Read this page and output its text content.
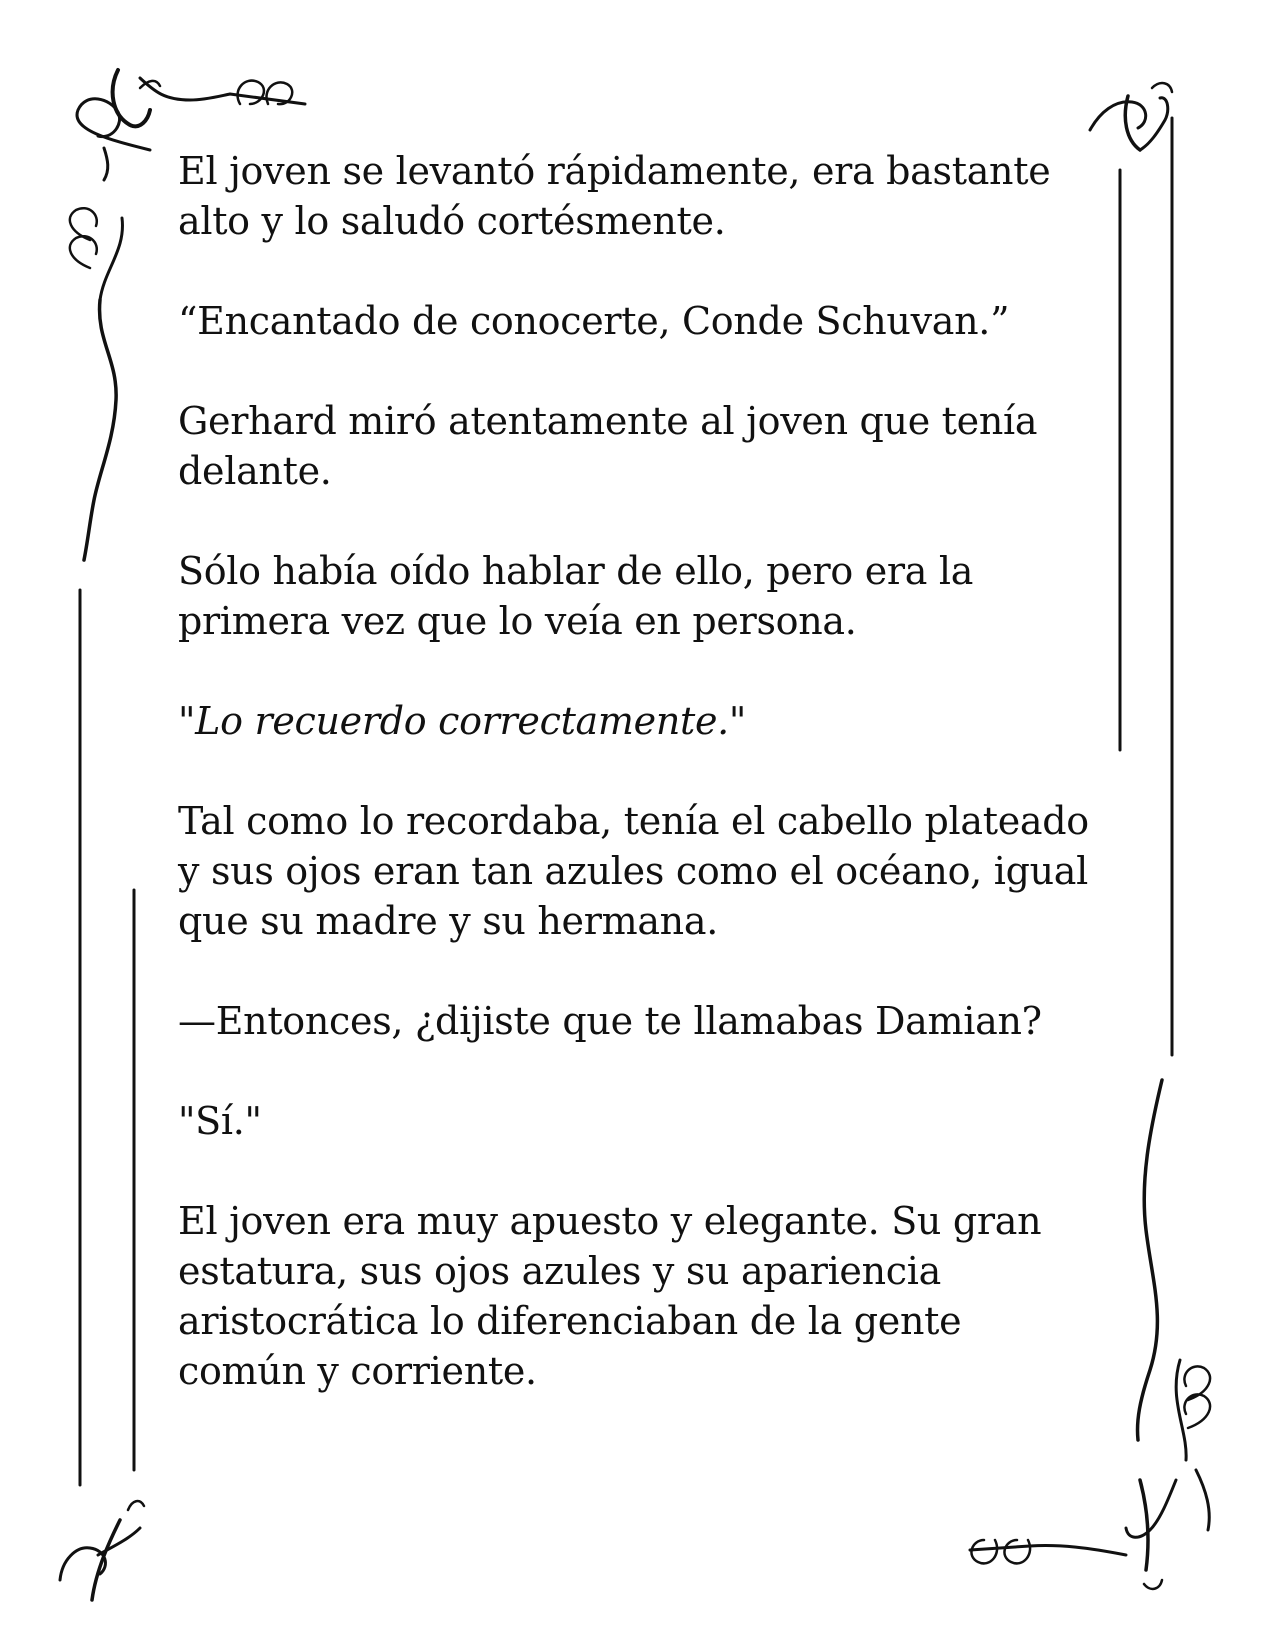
El joven se levantó rápidamente, era bastante
alto y lo saludó cortésmente.

“Encantado de conocerte, Conde Schuvan.”

Gerhard miró atentamente al joven que tenía
delante.

Sólo había oído hablar de ello, pero era la
primera vez que lo veía en persona.

"Lo recuerdo correctamente."

Tal como lo recordaba, tenía el cabello plateado
y sus ojos eran tan azules como el océano, igual
que su madre y su hermana.

—Entonces, ¿dijiste que te llamabas Damian?

"Sí."

El joven era muy apuesto y elegante. Su gran
estatura, sus ojos azules y su apariencia
aristocrática lo diferenciaban de la gente
común y corriente.
